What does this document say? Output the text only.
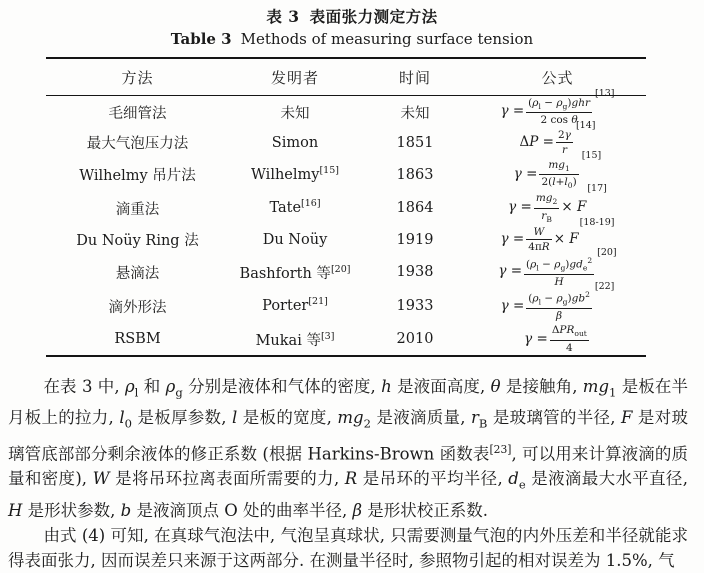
表 3 表面张力测定方法
Table 3 Methods of measuring surface tension
方法	发明者	时间	公式
毛细管法	未知	未知	$\gamma = \frac{(\rho_l - \rho_g)ghr}{\text{2 cos θ}}$
[13]

最大气泡压力法	Simon	1851	$\Delta P = \frac{2\gamma}{r}$
[14]

Wilhelmy 吊片法	Wilhelmy[15]	1863	$\gamma = \frac{mg_1}{2(l+l_0)}$
[15]

滴重法	Tate[16]	1864	$\gamma = \frac{mg_2}{r_B} \times F$
[17]

Du Noüy Ring 法	Du Noüy	1919	$\gamma = \frac{W}{4\pi R} \times F$
[18-19]

悬滴法	Bashforth 等[20]	1938	$\gamma = \frac{(\rho_l - \rho_g)gd_e^2}{H}$
[20]

滴外形法	Porter[21]	1933	$\gamma = \frac{(\rho_l - \rho_g)gb^2}{\beta}$
[22]

RSBM	Mukai 等[3]	2010	$\gamma = \frac{\Delta PR_{out}}{4}$

在表 3 中, $\rho_l$ 和 $\rho_g$ 分别是液体和气体的密度, h 是液面高度, θ 是接触角, $mg_1$ 是板在半月板上的拉力, $l_0$ 是板厚参数, l 是板的宽度, $mg_2$ 是液滴质量, $r_B$ 是玻璃管的半径, F 是对玻璃管底部部分剩余液体的修正系数 (根据 Harkins-Brown 函数表[23], 可以用来计算液滴的质量和密度), W 是将吊环拉离表面所需要的力, R 是吊环的平均半径, $d_e$ 是液滴最大水平直径, H 是形状参数, b 是液滴顶点 O 处的曲率半径, β 是形状校正系数.

由式 (4) 可知, 在真球气泡法中, 气泡呈真球状, 只需要测量气泡的内外压差和半径就能求得表面张力, 因而误差只来源于这两部分. 在测量半径时, 参照物引起的相对误差为 1.5%, 气
